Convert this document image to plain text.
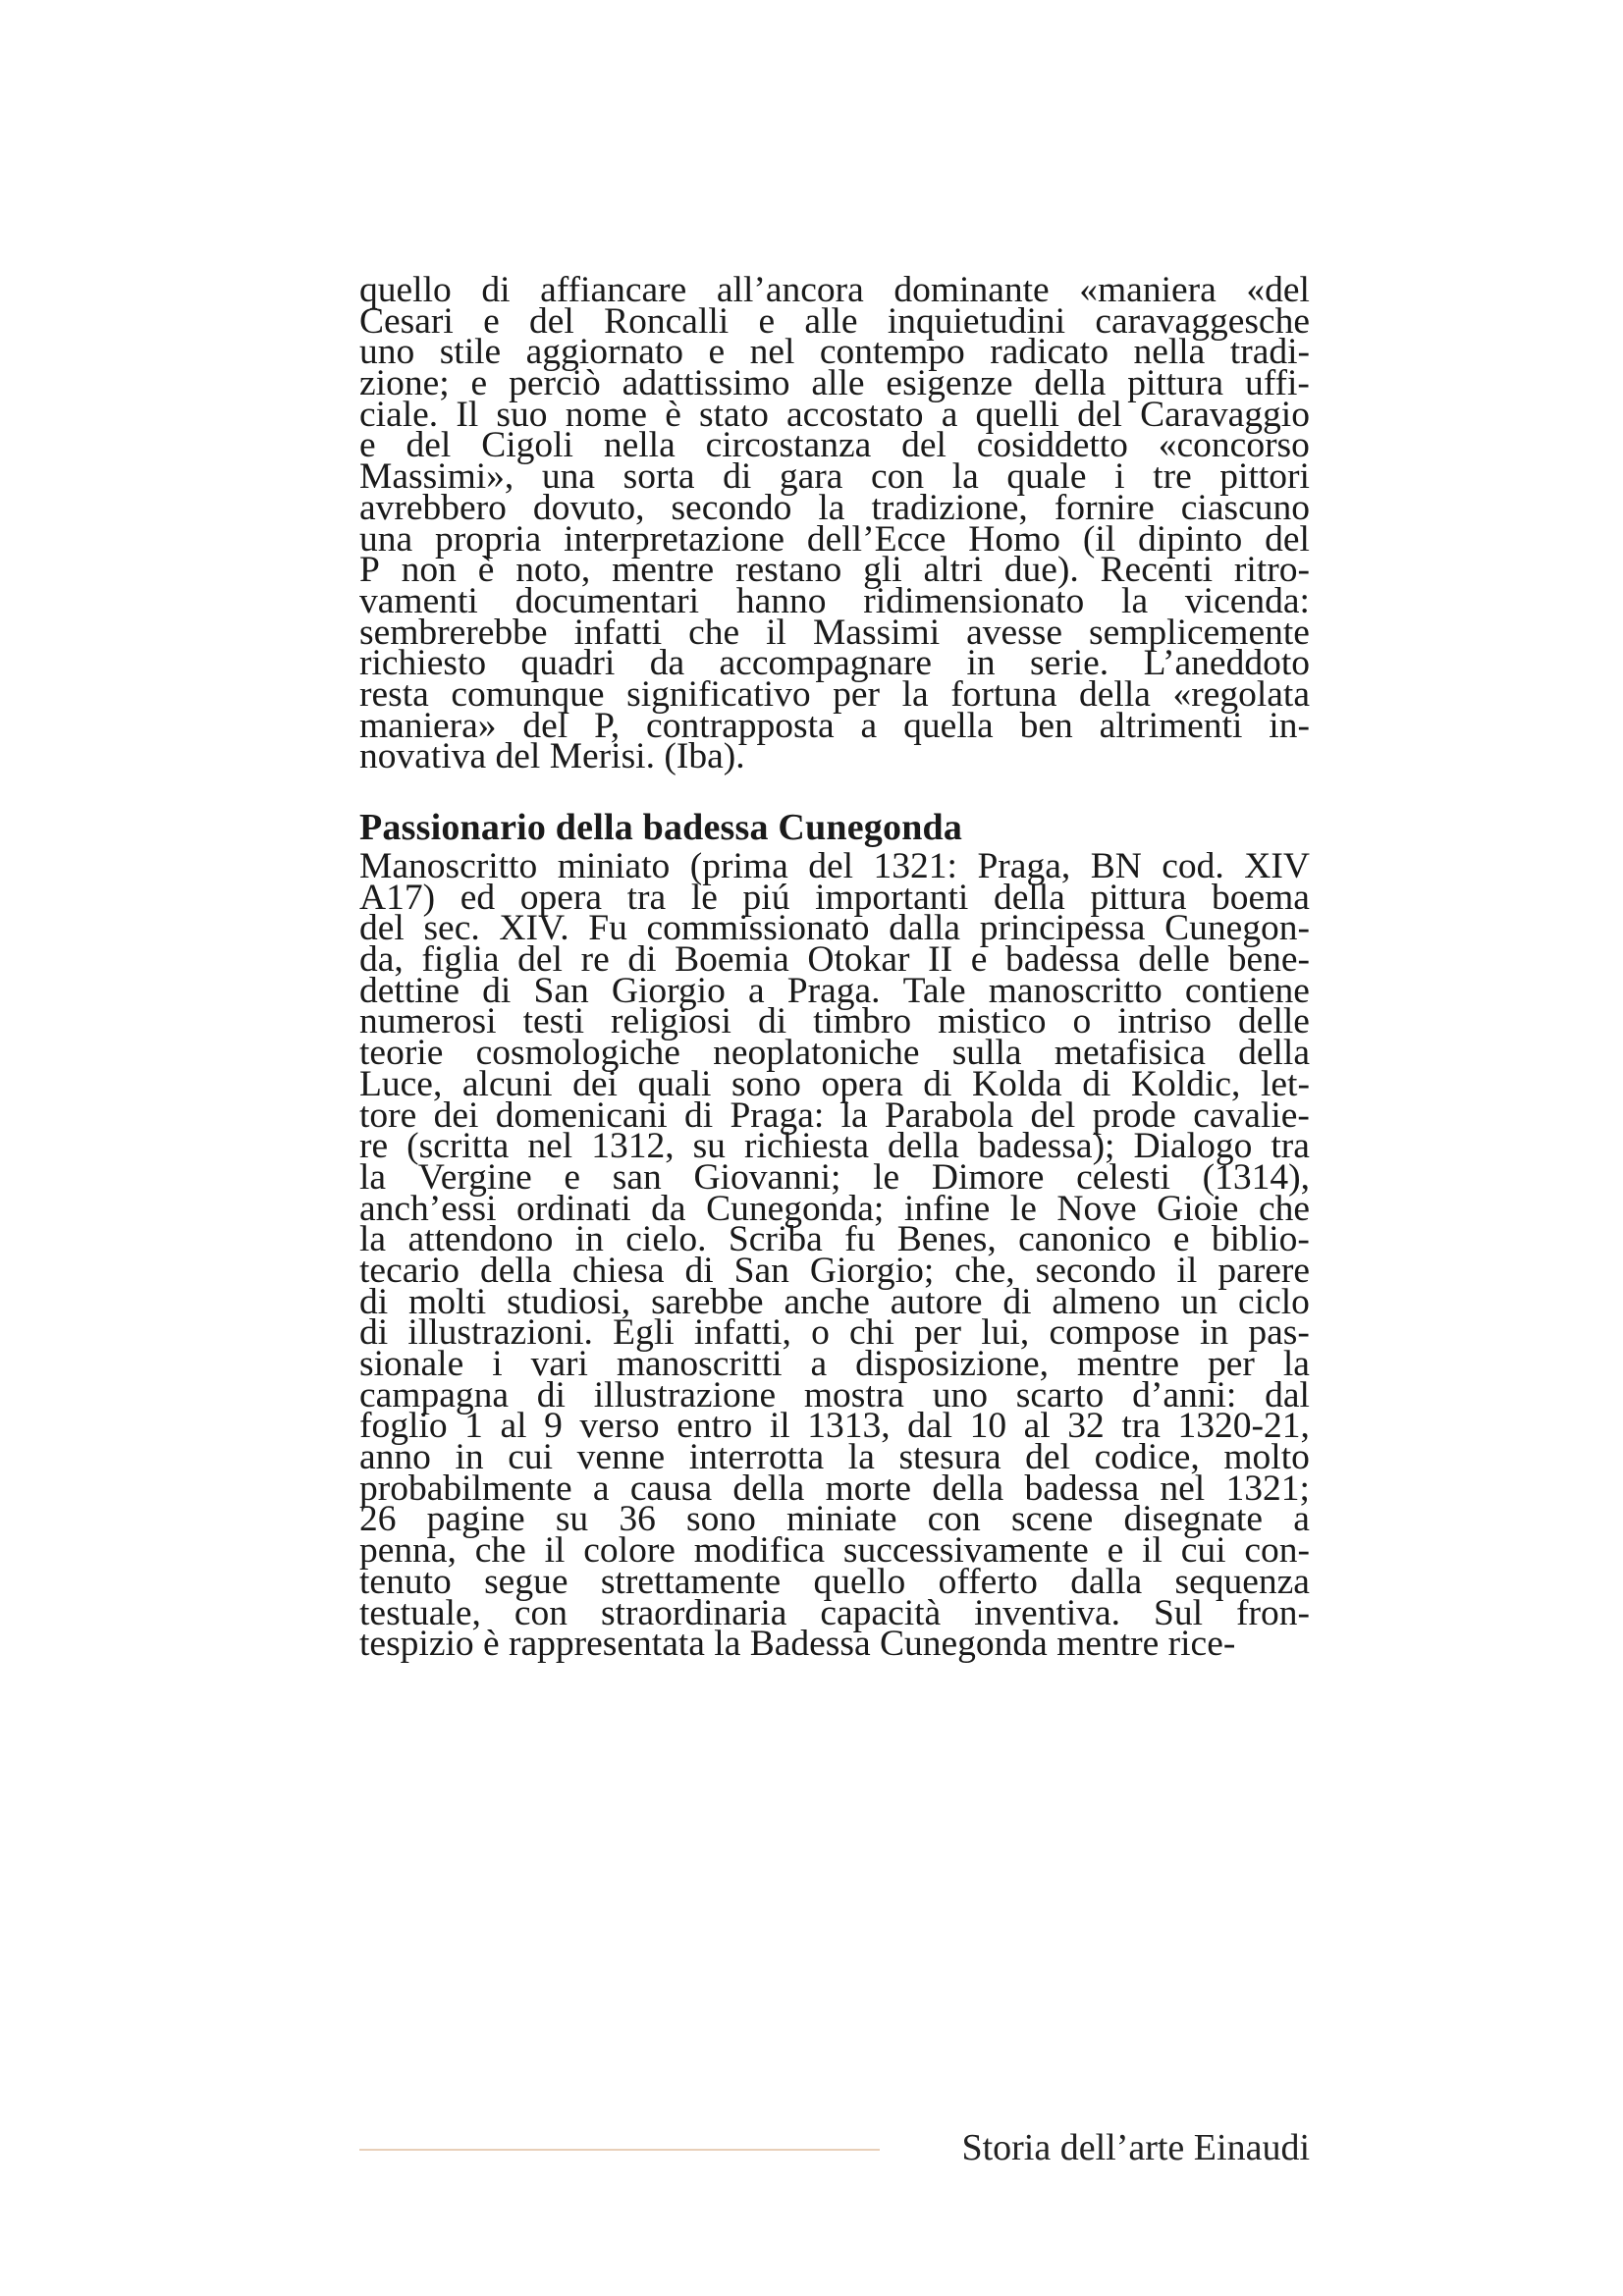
quello di affiancare all’ancora dominante «maniera «del
Cesari e del Roncalli e alle inquietudini caravaggesche
uno stile aggiornato e nel contempo radicato nella tradi-
zione; e perciò adattissimo alle esigenze della pittura uffi-
ciale. Il suo nome è stato accostato a quelli del Caravaggio
e del Cigoli nella circostanza del cosiddetto «concorso
Massimi», una sorta di gara con la quale i tre pittori
avrebbero dovuto, secondo la tradizione, fornire ciascuno
una propria interpretazione dell’Ecce Homo (il dipinto del
P non è noto, mentre restano gli altri due). Recenti ritro-
vamenti documentari hanno ridimensionato la vicenda:
sembrerebbe infatti che il Massimi avesse semplicemente
richiesto quadri da accompagnare in serie. L’aneddoto
resta comunque significativo per la fortuna della «regolata
maniera» del P, contrapposta a quella ben altrimenti in-
novativa del Merisi. (Iba).
Passionario della badessa Cunegonda
Manoscritto miniato (prima del 1321: Praga, BN cod. XIV
A17) ed opera tra le piú importanti della pittura boema
del sec. XIV. Fu commissionato dalla principessa Cunegon-
da, figlia del re di Boemia Otokar II e badessa delle bene-
dettine di San Giorgio a Praga. Tale manoscritto contiene
numerosi testi religiosi di timbro mistico o intriso delle
teorie cosmologiche neoplatoniche sulla metafisica della
Luce, alcuni dei quali sono opera di Kolda di Koldic, let-
tore dei domenicani di Praga: la Parabola del prode cavalie-
re (scritta nel 1312, su richiesta della badessa); Dialogo tra
la Vergine e san Giovanni; le Dimore celesti (1314),
anch’essi ordinati da Cunegonda; infine le Nove Gioie che
la attendono in cielo. Scriba fu Benes, canonico e biblio-
tecario della chiesa di San Giorgio; che, secondo il parere
di molti studiosi, sarebbe anche autore di almeno un ciclo
di illustrazioni. Egli infatti, o chi per lui, compose in pas-
sionale i vari manoscritti a disposizione, mentre per la
campagna di illustrazione mostra uno scarto d’anni: dal
foglio 1 al 9 verso entro il 1313, dal 10 al 32 tra 1320-21,
anno in cui venne interrotta la stesura del codice, molto
probabilmente a causa della morte della badessa nel 1321;
26 pagine su 36 sono miniate con scene disegnate a
penna, che il colore modifica successivamente e il cui con-
tenuto segue strettamente quello offerto dalla sequenza
testuale, con straordinaria capacità inventiva. Sul fron-
tespizio è rappresentata la Badessa Cunegonda mentre rice-
Storia dell’arte Einaudi
